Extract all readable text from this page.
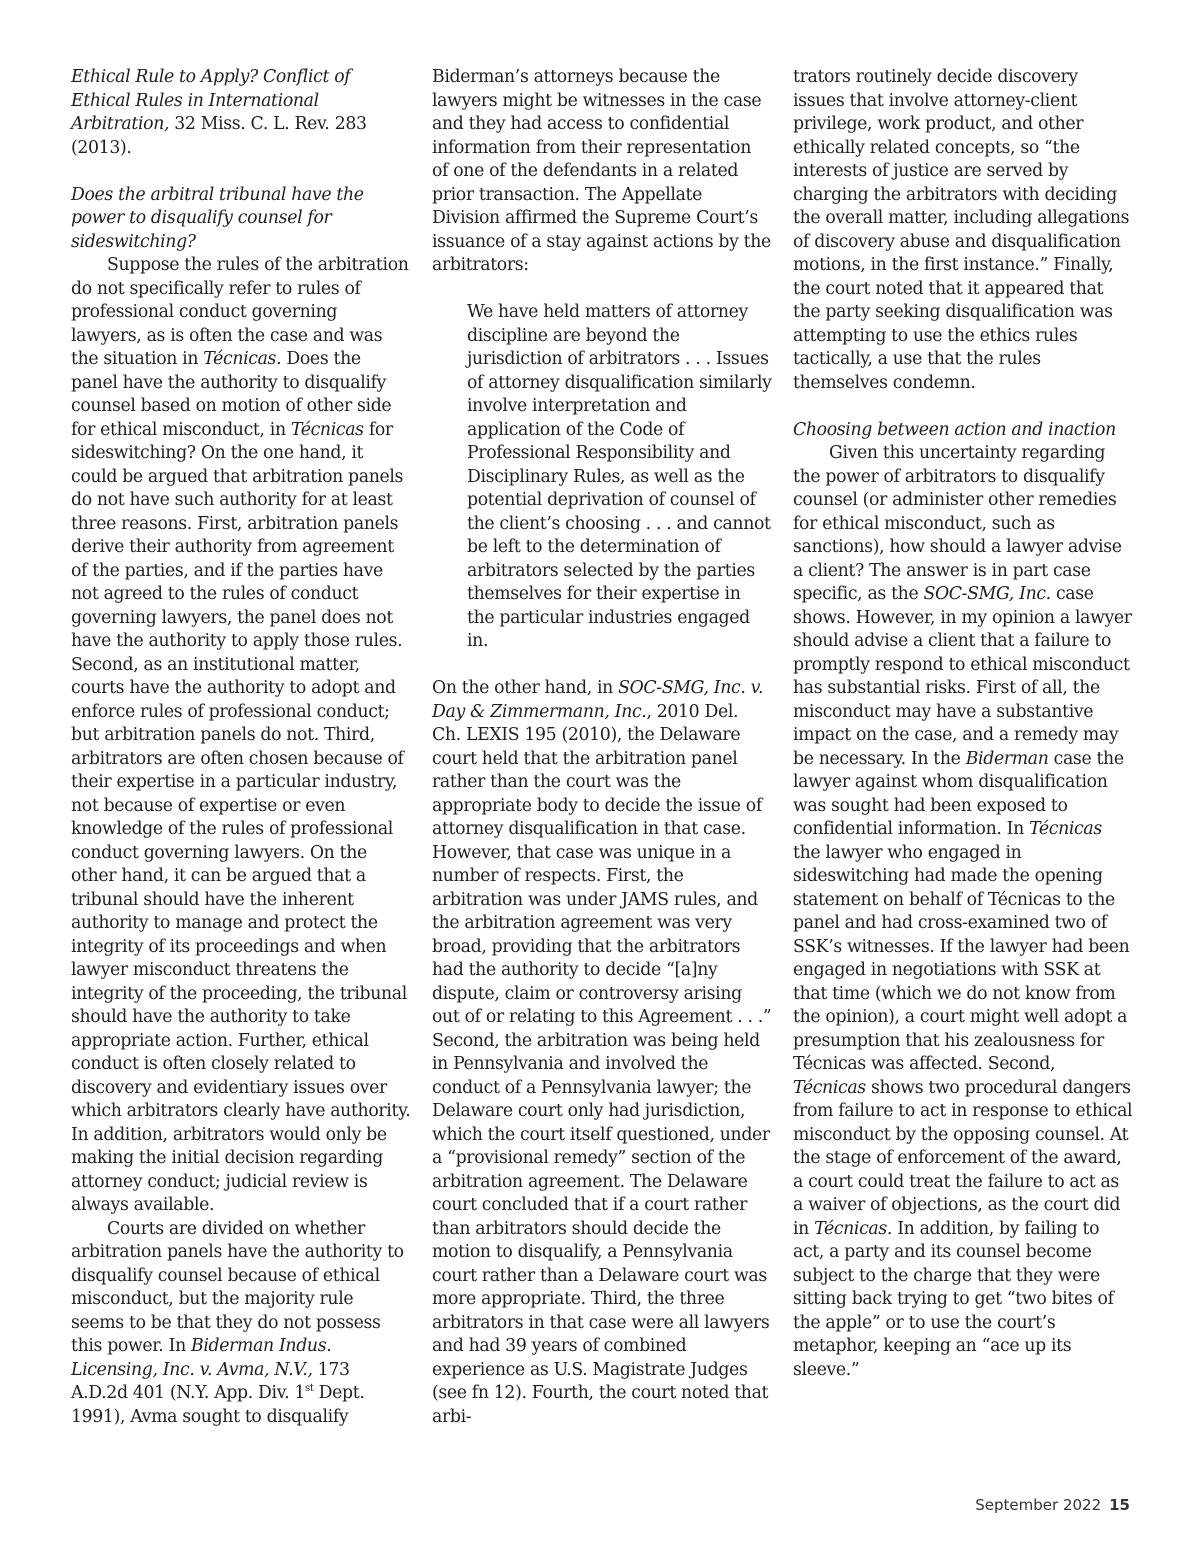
Ethical Rule to Apply? Conflict of Ethical Rules in International Arbitration, 32 Miss. C. L. Rev. 283 (2013).

Does the arbitral tribunal have the power to disqualify counsel for sideswitching?

Suppose the rules of the arbitration do not specifically refer to rules of professional conduct governing lawyers, as is often the case and was the situation in Técnicas. Does the panel have the authority to disqualify counsel based on motion of other side for ethical misconduct, in Técnicas for sideswitching? On the one hand, it could be argued that arbitration panels do not have such authority for at least three reasons. First, arbitration panels derive their authority from agreement of the parties, and if the parties have not agreed to the rules of conduct governing lawyers, the panel does not have the authority to apply those rules. Second, as an institutional matter, courts have the authority to adopt and enforce rules of professional conduct; but arbitration panels do not. Third, arbitrators are often chosen because of their expertise in a particular industry, not because of expertise or even knowledge of the rules of professional conduct governing lawyers. On the other hand, it can be argued that a tribunal should have the inherent authority to manage and protect the integrity of its proceedings and when lawyer misconduct threatens the integrity of the proceeding, the tribunal should have the authority to take appropriate action. Further, ethical conduct is often closely related to discovery and evidentiary issues over which arbitrators clearly have authority. In addition, arbitrators would only be making the initial decision regarding attorney conduct; judicial review is always available.

Courts are divided on whether arbitration panels have the authority to disqualify counsel because of ethical misconduct, but the majority rule seems to be that they do not possess this power. In Biderman Indus. Licensing, Inc. v. Avma, N.V., 173 A.D.2d 401 (N.Y. App. Div. 1st Dept. 1991), Avma sought to disqualify

Biderman’s attorneys because the lawyers might be witnesses in the case and they had access to confidential information from their representation of one of the defendants in a related prior transaction. The Appellate Division affirmed the Supreme Court’s issuance of a stay against actions by the arbitrators:

We have held matters of attorney discipline are beyond the jurisdiction of arbitrators . . . Issues of attorney disqualification similarly involve interpretation and application of the Code of Professional Responsibility and Disciplinary Rules, as well as the potential deprivation of counsel of the client’s choosing . . . and cannot be left to the determination of arbitrators selected by the parties themselves for their expertise in the particular industries engaged in.

On the other hand, in SOC-SMG, Inc. v. Day & Zimmermann, Inc., 2010 Del. Ch. LEXIS 195 (2010), the Delaware court held that the arbitration panel rather than the court was the appropriate body to decide the issue of attorney disqualification in that case. However, that case was unique in a number of respects. First, the arbitration was under JAMS rules, and the arbitration agreement was very broad, providing that the arbitrators had the authority to decide “[a]ny dispute, claim or controversy arising out of or relating to this Agreement . . .” Second, the arbitration was being held in Pennsylvania and involved the conduct of a Pennsylvania lawyer; the Delaware court only had jurisdiction, which the court itself questioned, under a “provisional remedy” section of the arbitration agreement. The Delaware court concluded that if a court rather than arbitrators should decide the motion to disqualify, a Pennsylvania court rather than a Delaware court was more appropriate. Third, the three arbitrators in that case were all lawyers and had 39 years of combined experience as U.S. Magistrate Judges (see fn 12). Fourth, the court noted that arbi-

trators routinely decide discovery issues that involve attorney-client privilege, work product, and other ethically related concepts, so “the interests of justice are served by charging the arbitrators with deciding the overall matter, including allegations of discovery abuse and disqualification motions, in the first instance.” Finally, the court noted that it appeared that the party seeking disqualification was attempting to use the ethics rules tactically, a use that the rules themselves condemn.

Choosing between action and inaction

Given this uncertainty regarding the power of arbitrators to disqualify counsel (or administer other remedies for ethical misconduct, such as sanctions), how should a lawyer advise a client? The answer is in part case specific, as the SOC-SMG, Inc. case shows. However, in my opinion a lawyer should advise a client that a failure to promptly respond to ethical misconduct has substantial risks. First of all, the misconduct may have a substantive impact on the case, and a remedy may be necessary. In the Biderman case the lawyer against whom disqualification was sought had been exposed to confidential information. In Técnicas the lawyer who engaged in sideswitching had made the opening statement on behalf of Técnicas to the panel and had cross-examined two of SSK’s witnesses. If the lawyer had been engaged in negotiations with SSK at that time (which we do not know from the opinion), a court might well adopt a presumption that his zealousness for Técnicas was affected. Second, Técnicas shows two procedural dangers from failure to act in response to ethical misconduct by the opposing counsel. At the stage of enforcement of the award, a court could treat the failure to act as a waiver of objections, as the court did in Técnicas. In addition, by failing to act, a party and its counsel become subject to the charge that they were sitting back trying to get “two bites of the apple” or to use the court’s metaphor, keeping an “ace up its sleeve.”

September 2022 15
